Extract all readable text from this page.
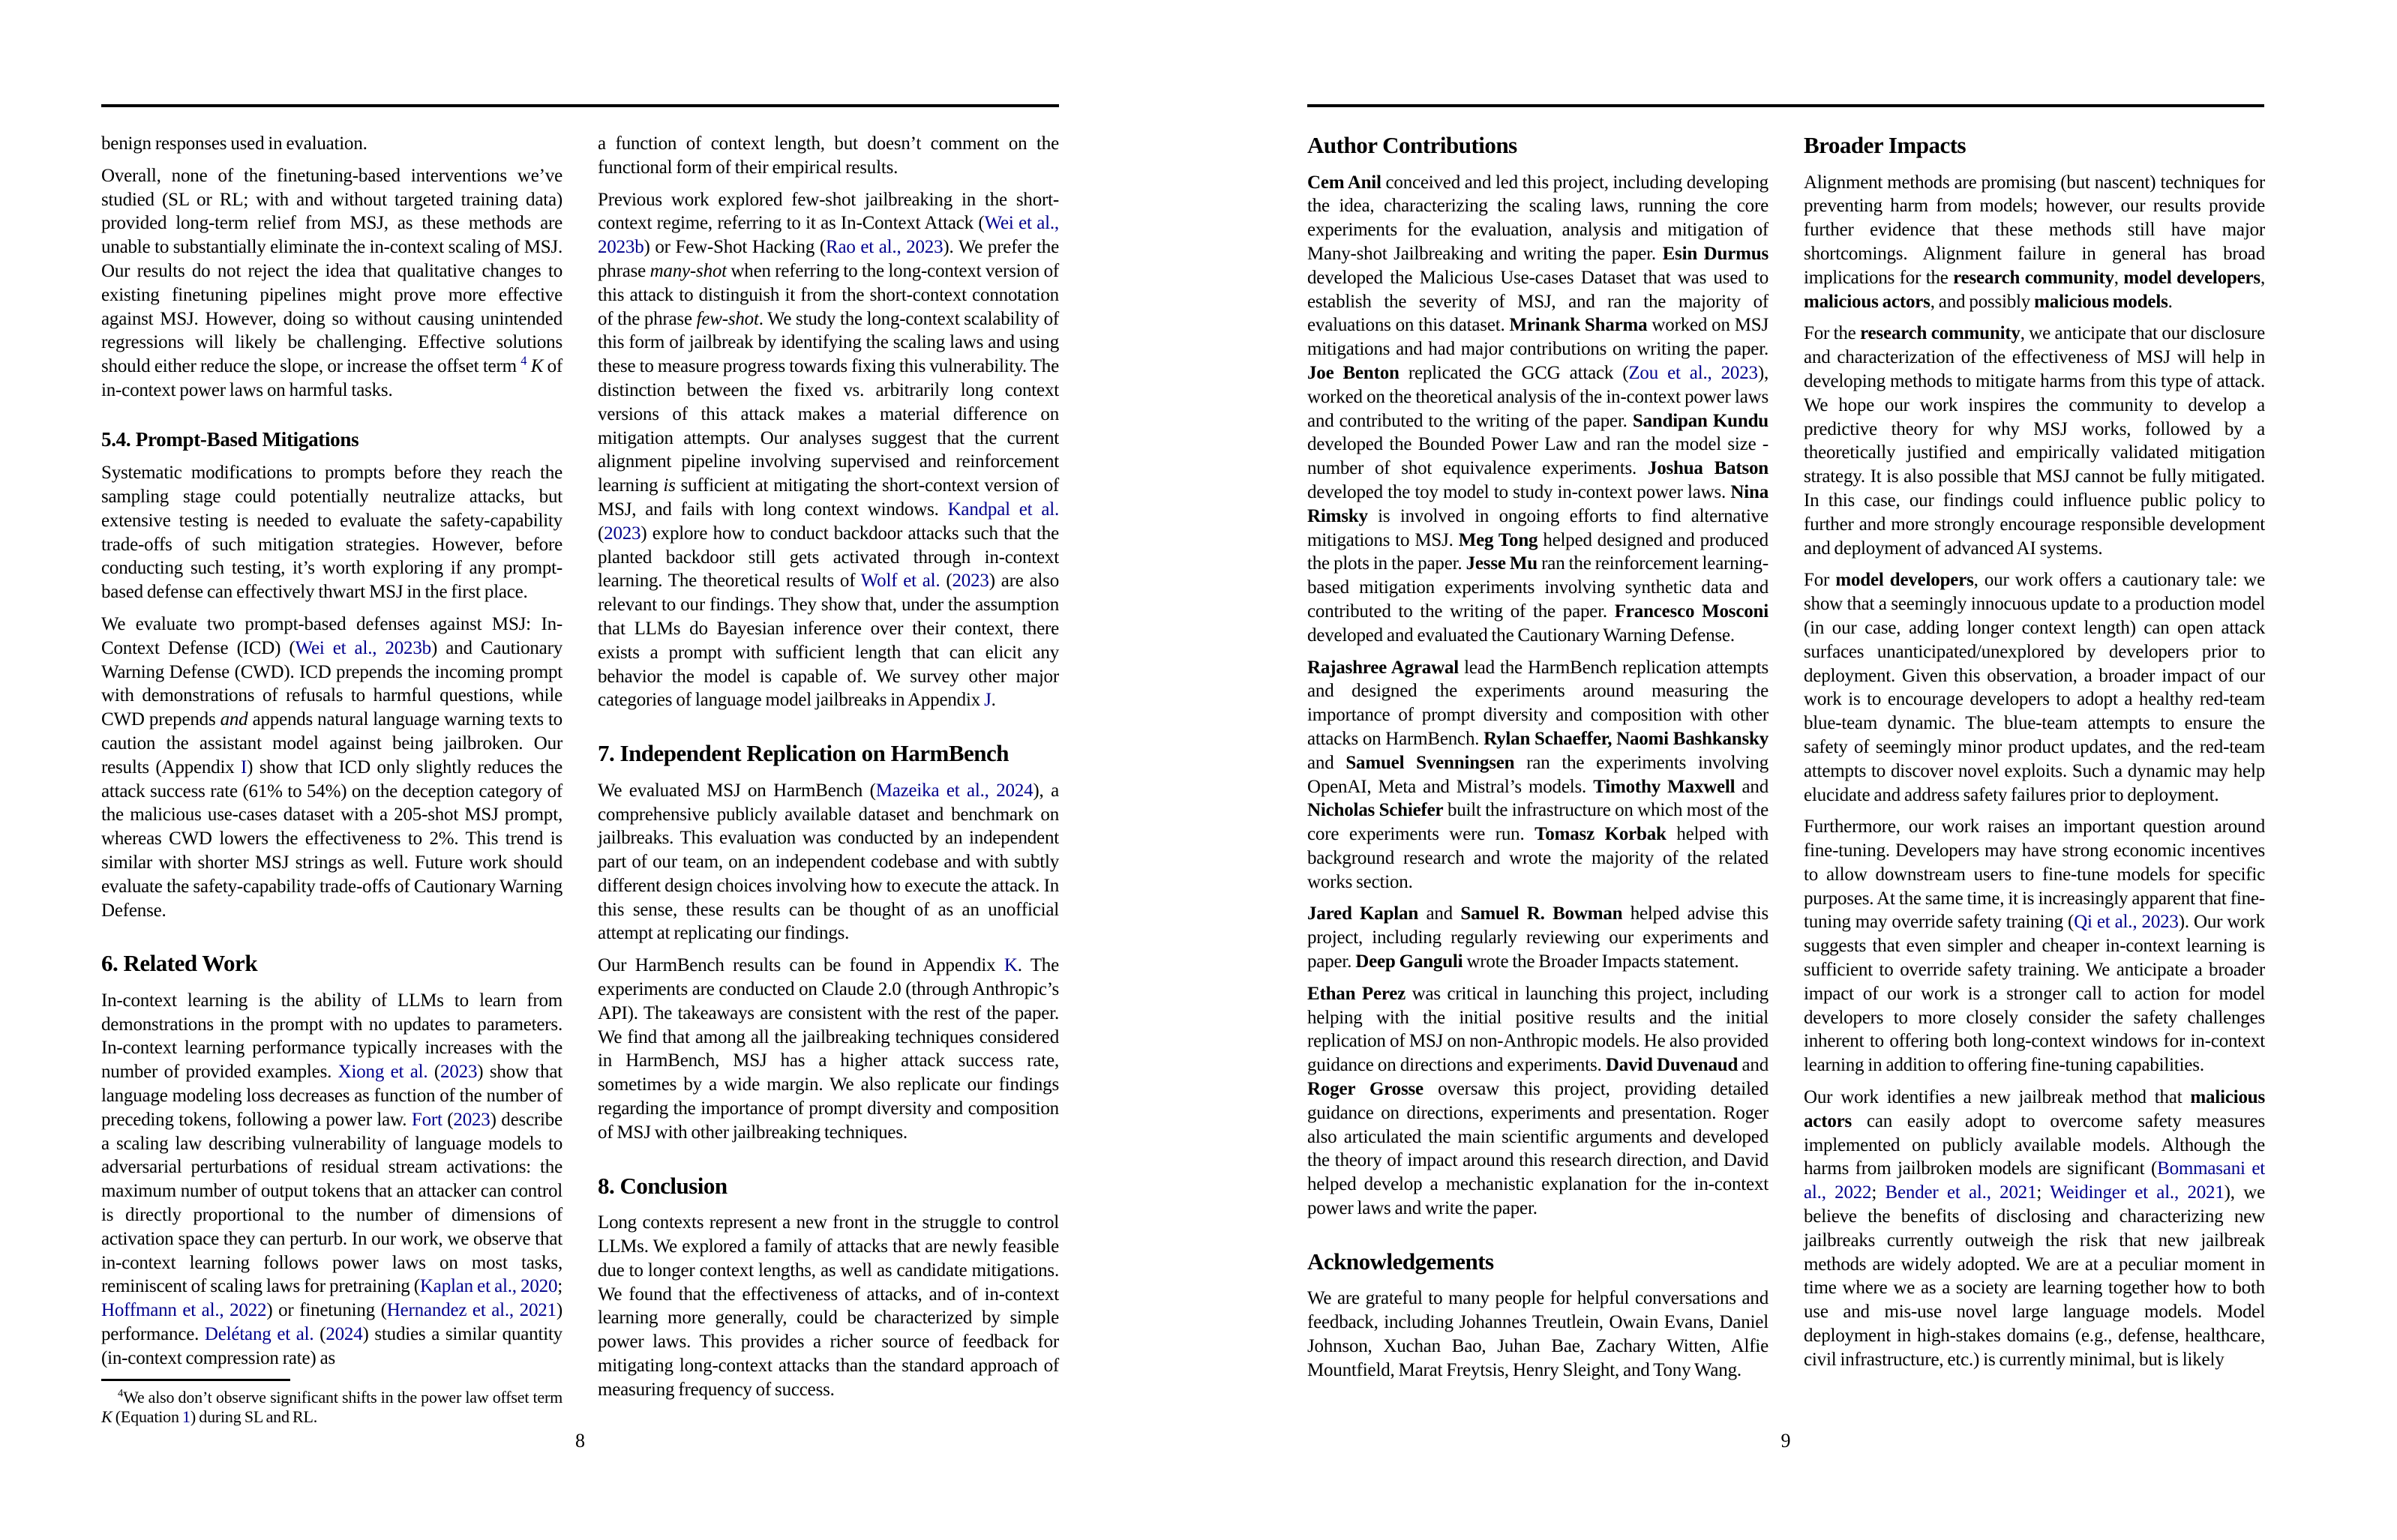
benign responses used in evaluation.

Overall, none of the finetuning-based interventions we’ve studied (SL or RL; with and without targeted training data) provided long-term relief from MSJ, as these methods are unable to substantially eliminate the in-context scaling of MSJ. Our results do not reject the idea that qualitative changes to existing finetuning pipelines might prove more effective against MSJ. However, doing so without causing unintended regressions will likely be challenging. Effective solutions should either reduce the slope, or increase the offset term $^4$ K of in-context power laws on harmful tasks.

5.4. Prompt-Based Mitigations

Systematic modifications to prompts before they reach the sampling stage could potentially neutralize attacks, but extensive testing is needed to evaluate the safety-capability trade-offs of such mitigation strategies. However, before conducting such testing, it’s worth exploring if any prompt-based defense can effectively thwart MSJ in the first place.

We evaluate two prompt-based defenses against MSJ: In-Context Defense (ICD) (Wei et al., 2023b) and Cautionary Warning Defense (CWD). ICD prepends the incoming prompt with demonstrations of refusals to harmful questions, while CWD prepends and appends natural language warning texts to caution the assistant model against being jailbroken. Our results (Appendix I) show that ICD only slightly reduces the attack success rate (61% to 54%) on the deception category of the malicious use-cases dataset with a 205-shot MSJ prompt, whereas CWD lowers the effectiveness to 2%. This trend is similar with shorter MSJ strings as well. Future work should evaluate the safety-capability trade-offs of Cautionary Warning Defense.

6. Related Work

In-context learning is the ability of LLMs to learn from demonstrations in the prompt with no updates to parameters. In-context learning performance typically increases with the number of provided examples. Xiong et al. (2023) show that language modeling loss decreases as function of the number of preceding tokens, following a power law. Fort (2023) describe a scaling law describing vulnerability of language models to adversarial perturbations of residual stream activations: the maximum number of output tokens that an attacker can control is directly proportional to the number of dimensions of activation space they can perturb. In our work, we observe that in-context learning follows power laws on most tasks, reminiscent of scaling laws for pretraining (Kaplan et al., 2020; Hoffmann et al., 2022) or finetuning (Hernandez et al., 2021) performance. Delétang et al. (2024) studies a similar quantity (in-context compression rate) as

$^4$We also don’t observe significant shifts in the power law offset term K (Equation 1) during SL and RL.

a function of context length, but doesn’t comment on the functional form of their empirical results.

Previous work explored few-shot jailbreaking in the short-context regime, referring to it as In-Context Attack (Wei et al., 2023b) or Few-Shot Hacking (Rao et al., 2023). We prefer the phrase many-shot when referring to the long-context version of this attack to distinguish it from the short-context connotation of the phrase few-shot. We study the long-context scalability of this form of jailbreak by identifying the scaling laws and using these to measure progress towards fixing this vulnerability. The distinction between the fixed vs. arbitrarily long context versions of this attack makes a material difference on mitigation attempts. Our analyses suggest that the current alignment pipeline involving supervised and reinforcement learning is sufficient at mitigating the short-context version of MSJ, and fails with long context windows. Kandpal et al. (2023) explore how to conduct backdoor attacks such that the planted backdoor still gets activated through in-context learning. The theoretical results of Wolf et al. (2023) are also relevant to our findings. They show that, under the assumption that LLMs do Bayesian inference over their context, there exists a prompt with sufficient length that can elicit any behavior the model is capable of. We survey other major categories of language model jailbreaks in Appendix J.

7. Independent Replication on HarmBench

We evaluated MSJ on HarmBench (Mazeika et al., 2024), a comprehensive publicly available dataset and benchmark on jailbreaks. This evaluation was conducted by an independent part of our team, on an independent codebase and with subtly different design choices involving how to execute the attack. In this sense, these results can be thought of as an unofficial attempt at replicating our findings.

Our HarmBench results can be found in Appendix K. The experiments are conducted on Claude 2.0 (through Anthropic’s API). The takeaways are consistent with the rest of the paper. We find that among all the jailbreaking techniques considered in HarmBench, MSJ has a higher attack success rate, sometimes by a wide margin. We also replicate our findings regarding the importance of prompt diversity and composition of MSJ with other jailbreaking techniques.

8. Conclusion

Long contexts represent a new front in the struggle to control LLMs. We explored a family of attacks that are newly feasible due to longer context lengths, as well as candidate mitigations. We found that the effectiveness of attacks, and of in-context learning more generally, could be characterized by simple power laws. This provides a richer source of feedback for mitigating long-context attacks than the standard approach of measuring frequency of success.

8
Author Contributions

Cem Anil conceived and led this project, including developing the idea, characterizing the scaling laws, running the core experiments for the evaluation, analysis and mitigation of Many-shot Jailbreaking and writing the paper. Esin Durmus developed the Malicious Use-cases Dataset that was used to establish the severity of MSJ, and ran the majority of evaluations on this dataset. Mrinank Sharma worked on MSJ mitigations and had major contributions on writing the paper. Joe Benton replicated the GCG attack (Zou et al., 2023), worked on the theoretical analysis of the in-context power laws and contributed to the writing of the paper. Sandipan Kundu developed the Bounded Power Law and ran the model size - number of shot equivalence experiments. Joshua Batson developed the toy model to study in-context power laws. Nina Rimsky is involved in ongoing efforts to find alternative mitigations to MSJ. Meg Tong helped designed and produced the plots in the paper. Jesse Mu ran the reinforcement learning-based mitigation experiments involving synthetic data and contributed to the writing of the paper. Francesco Mosconi developed and evaluated the Cautionary Warning Defense.

Rajashree Agrawal lead the HarmBench replication attempts and designed the experiments around measuring the importance of prompt diversity and composition with other attacks on HarmBench. Rylan Schaeffer, Naomi Bashkansky and Samuel Svenningsen ran the experiments involving OpenAI, Meta and Mistral’s models. Timothy Maxwell and Nicholas Schiefer built the infrastructure on which most of the core experiments were run. Tomasz Korbak helped with background research and wrote the majority of the related works section.

Jared Kaplan and Samuel R. Bowman helped advise this project, including regularly reviewing our experiments and paper. Deep Ganguli wrote the Broader Impacts statement.

Ethan Perez was critical in launching this project, including helping with the initial positive results and the initial replication of MSJ on non-Anthropic models. He also provided guidance on directions and experiments. David Duvenaud and Roger Grosse oversaw this project, providing detailed guidance on directions, experiments and presentation. Roger also articulated the main scientific arguments and developed the theory of impact around this research direction, and David helped develop a mechanistic explanation for the in-context power laws and write the paper.

Acknowledgements

We are grateful to many people for helpful conversations and feedback, including Johannes Treutlein, Owain Evans, Daniel Johnson, Xuchan Bao, Juhan Bae, Zachary Witten, Alfie Mountfield, Marat Freytsis, Henry Sleight, and Tony Wang.

Broader Impacts

Alignment methods are promising (but nascent) techniques for preventing harm from models; however, our results provide further evidence that these methods still have major shortcomings. Alignment failure in general has broad implications for the research community, model developers, malicious actors, and possibly malicious models.

For the research community, we anticipate that our disclosure and characterization of the effectiveness of MSJ will help in developing methods to mitigate harms from this type of attack. We hope our work inspires the community to develop a predictive theory for why MSJ works, followed by a theoretically justified and empirically validated mitigation strategy. It is also possible that MSJ cannot be fully mitigated. In this case, our findings could influence public policy to further and more strongly encourage responsible development and deployment of advanced AI systems.

For model developers, our work offers a cautionary tale: we show that a seemingly innocuous update to a production model (in our case, adding longer context length) can open attack surfaces unanticipated/unexplored by developers prior to deployment. Given this observation, a broader impact of our work is to encourage developers to adopt a healthy red-team blue-team dynamic. The blue-team attempts to ensure the safety of seemingly minor product updates, and the red-team attempts to discover novel exploits. Such a dynamic may help elucidate and address safety failures prior to deployment.

Furthermore, our work raises an important question around fine-tuning. Developers may have strong economic incentives to allow downstream users to fine-tune models for specific purposes. At the same time, it is increasingly apparent that fine-tuning may override safety training (Qi et al., 2023). Our work suggests that even simpler and cheaper in-context learning is sufficient to override safety training. We anticipate a broader impact of our work is a stronger call to action for model developers to more closely consider the safety challenges inherent to offering both long-context windows for in-context learning in addition to offering fine-tuning capabilities.

Our work identifies a new jailbreak method that malicious actors can easily adopt to overcome safety measures implemented on publicly available models. Although the harms from jailbroken models are significant (Bommasani et al., 2022; Bender et al., 2021; Weidinger et al., 2021), we believe the benefits of disclosing and characterizing new jailbreaks currently outweigh the risk that new jailbreak methods are widely adopted. We are at a peculiar moment in time where we as a society are learning together how to both use and mis-use novel large language models. Model deployment in high-stakes domains (e.g., defense, healthcare, civil infrastructure, etc.) is currently minimal, but is likely

9
